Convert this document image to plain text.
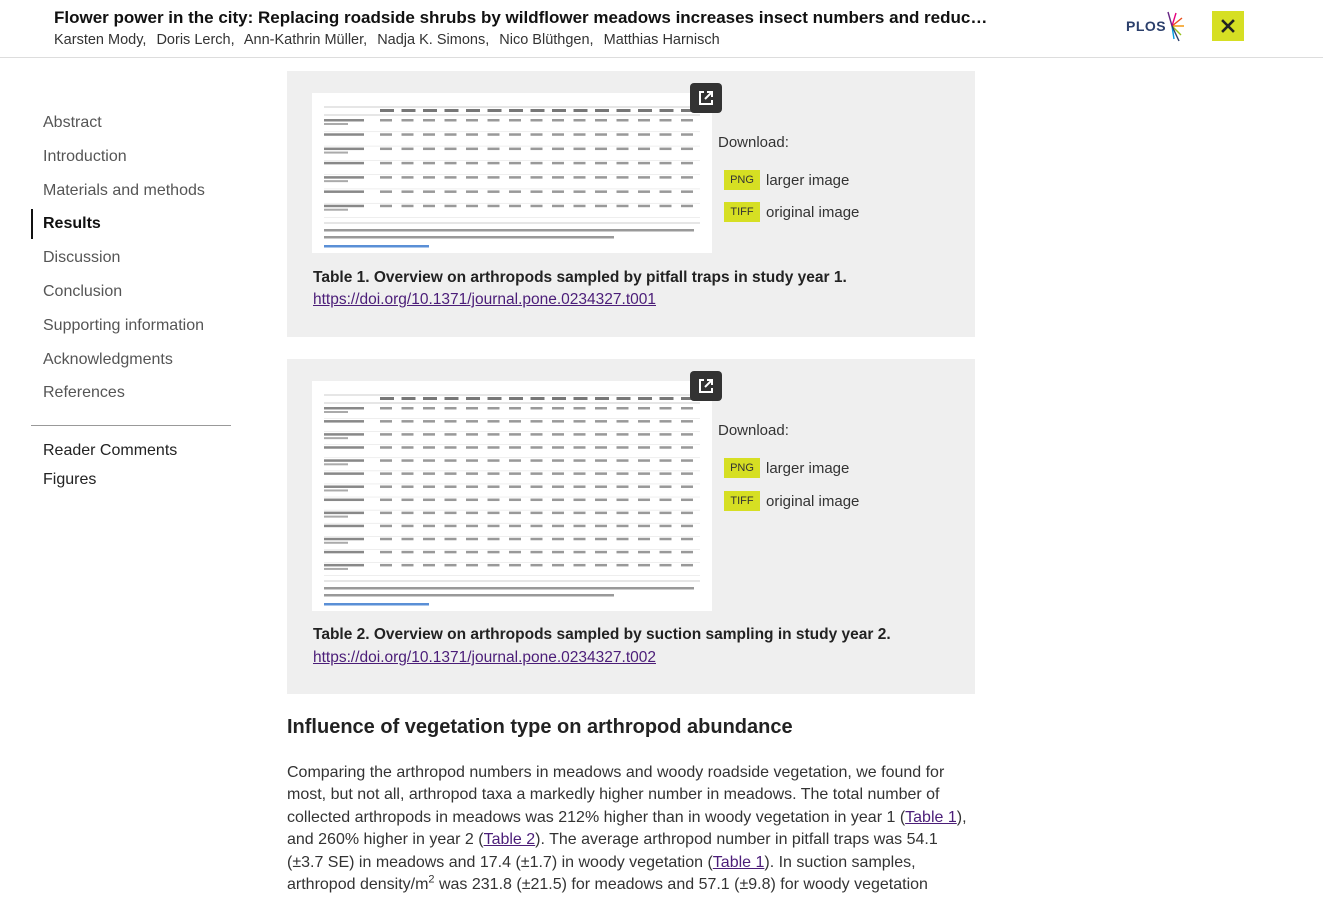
Flower power in the city: Replacing roadside shrubs by wildflower meadows increases insect numbers and reduc…
Karsten Mody, Doris Lerch, Ann-Kathrin Müller, Nadja K. Simons, Nico Blüthgen, Matthias Harnisch
PLOS
Abstract
Introduction
Materials and methods
Results
Discussion
Conclusion
Supporting information
Acknowledgments
References
Reader Comments
Figures
Download:
PNG larger image
TIFF original image
Table 1. Overview on arthropods sampled by pitfall traps in study year 1.
https://doi.org/10.1371/journal.pone.0234327.t001
Download:
PNG larger image
TIFF original image
Table 2. Overview on arthropods sampled by suction sampling in study year 2.
https://doi.org/10.1371/journal.pone.0234327.t002
Influence of vegetation type on arthropod abundance

Comparing the arthropod numbers in meadows and woody roadside vegetation, we found for most, but not all, arthropod taxa a markedly higher number in meadows. The total number of collected arthropods in meadows was 212% higher than in woody vegetation in year 1 (Table 1), and 260% higher in year 2 (Table 2). The average arthropod number in pitfall traps was 54.1 (±3.7 SE) in meadows and 17.4 (±1.7) in woody vegetation (Table 1). In suction samples, arthropod density/$m^2$ was 231.8 (±21.5) for meadows and 57.1 (±9.8) for woody vegetation
